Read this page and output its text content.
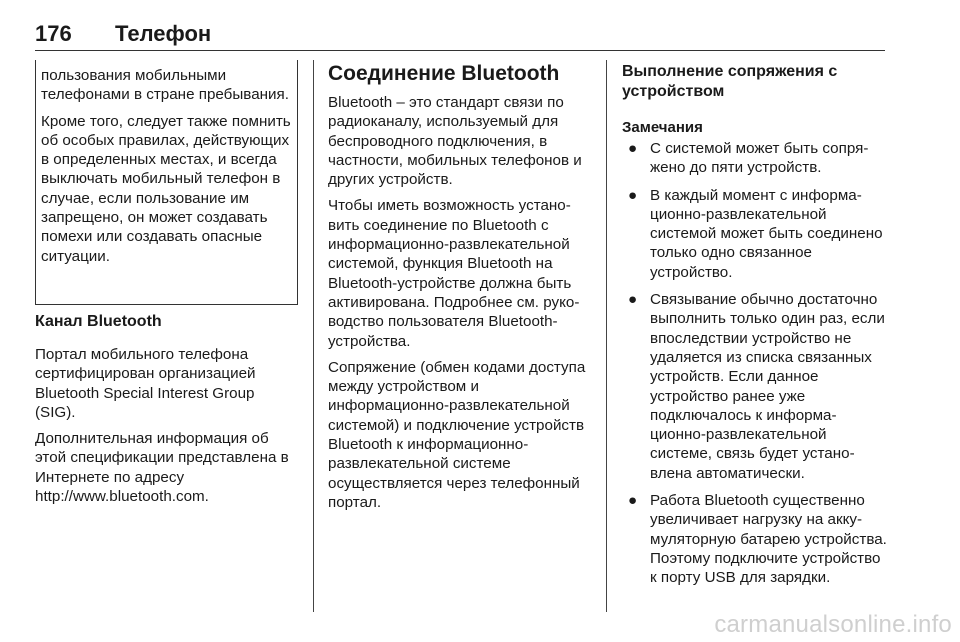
176 Телефон
пользования мобильными телефонами в стране пребывания.
Кроме того, следует также помнить об особых правилах, действующих в определенных местах, и всегда выключать мобильный телефон в случае, если пользование им запрещено, он может создавать помехи или создавать опасные ситуации.
Канал Bluetooth
Портал мобильного телефона сертифицирован организацией Bluetooth Special Interest Group (SIG).
Дополнительная информация об этой спецификации представлена в Интернете по адресу http://www.bluetooth.com.
Соединение Bluetooth
Bluetooth – это стандарт связи по радиоканалу, используемый для беспроводного подключения, в частности, мобильных телефонов и других устройств.
Чтобы иметь возможность установить соединение по Bluetooth с информационно-развлекательной системой, функция Bluetooth на Bluetooth-устройстве должна быть активирована. Подробнее см. руководство пользователя Bluetooth-устройства.
Сопряжение (обмен кодами доступа между устройством и информационно-развлекательной системой) и подключение устройств Bluetooth к информационно-развлекательной системе осуществляется через телефонный портал.
Выполнение сопряжения с устройством
Замечания
● С системой может быть сопряжено до пяти устройств.
● В каждый момент с информационно-развлекательной системой может быть соединено только одно связанное устройство.
● Связывание обычно достаточно выполнить только один раз, если впоследствии устройство не удаляется из списка связанных устройств. Если данное устройство ранее уже подключалось к информационно-развлекательной системе, связь будет установлена автоматически.
● Работа Bluetooth существенно увеличивает нагрузку на аккумуляторную батарею устройства. Поэтому подключите устройство к порту USB для зарядки.
carmanualsonline.info
